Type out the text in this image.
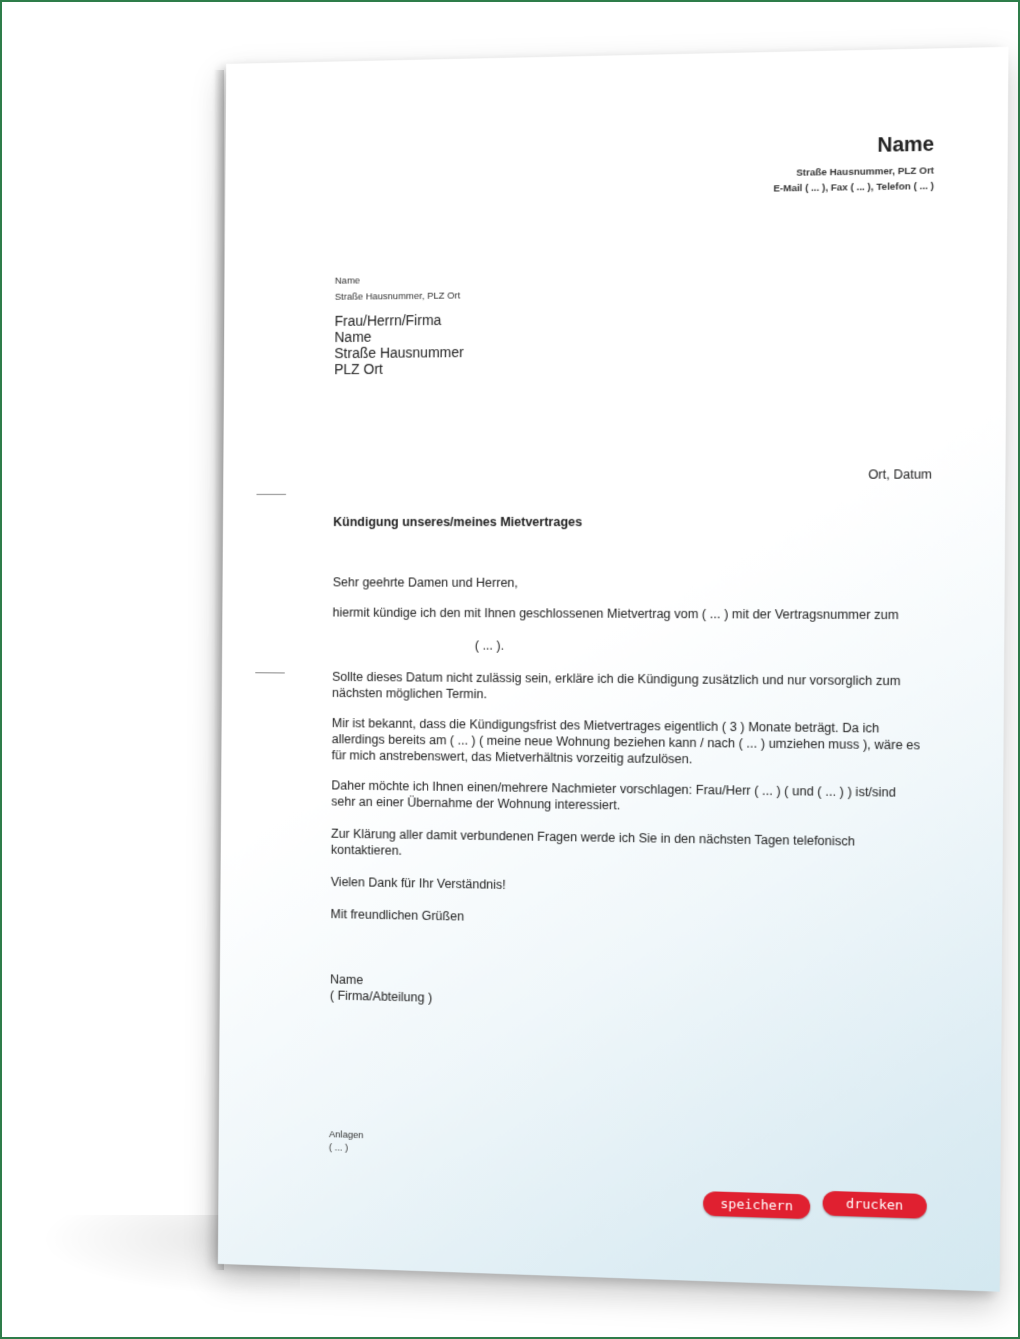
Name

Straße Hausnummer, PLZ Ort

E-Mail ( ... ), Fax ( ... ), Telefon ( ... )

Name

Straße Hausnummer, PLZ Ort

Frau/Herrn/Firma
Name
Straße Hausnummer
PLZ Ort

Ort, Datum

Kündigung unseres/meines Mietvertrages

Sehr geehrte Damen und Herren,

hiermit kündige ich den mit Ihnen geschlossenen Mietvertrag vom ( ... ) mit der Vertragsnummer zum

( ... ).

Sollte dieses Datum nicht zulässig sein, erkläre ich die Kündigung zusätzlich und nur vorsorglich zum nächsten möglichen Termin.

Mir ist bekannt, dass die Kündigungsfrist des Mietvertrages eigentlich ( 3 ) Monate beträgt. Da ich allerdings bereits am ( ... ) ( meine neue Wohnung beziehen kann / nach ( ... ) umziehen muss ), wäre es für mich anstrebenswert, das Mietverhältnis vorzeitig aufzulösen.

Daher möchte ich Ihnen einen/mehrere Nachmieter vorschlagen: Frau/Herr ( ... ) ( und ( ... ) ) ist/sind sehr an einer Übernahme der Wohnung interessiert.

Zur Klärung aller damit verbundenen Fragen werde ich Sie in den nächsten Tagen telefonisch kontaktieren.

Vielen Dank für Ihr Verständnis!

Mit freundlichen Grüßen

Name

( Firma/Abteilung )

Anlagen

( ... )

speichern	drucken
